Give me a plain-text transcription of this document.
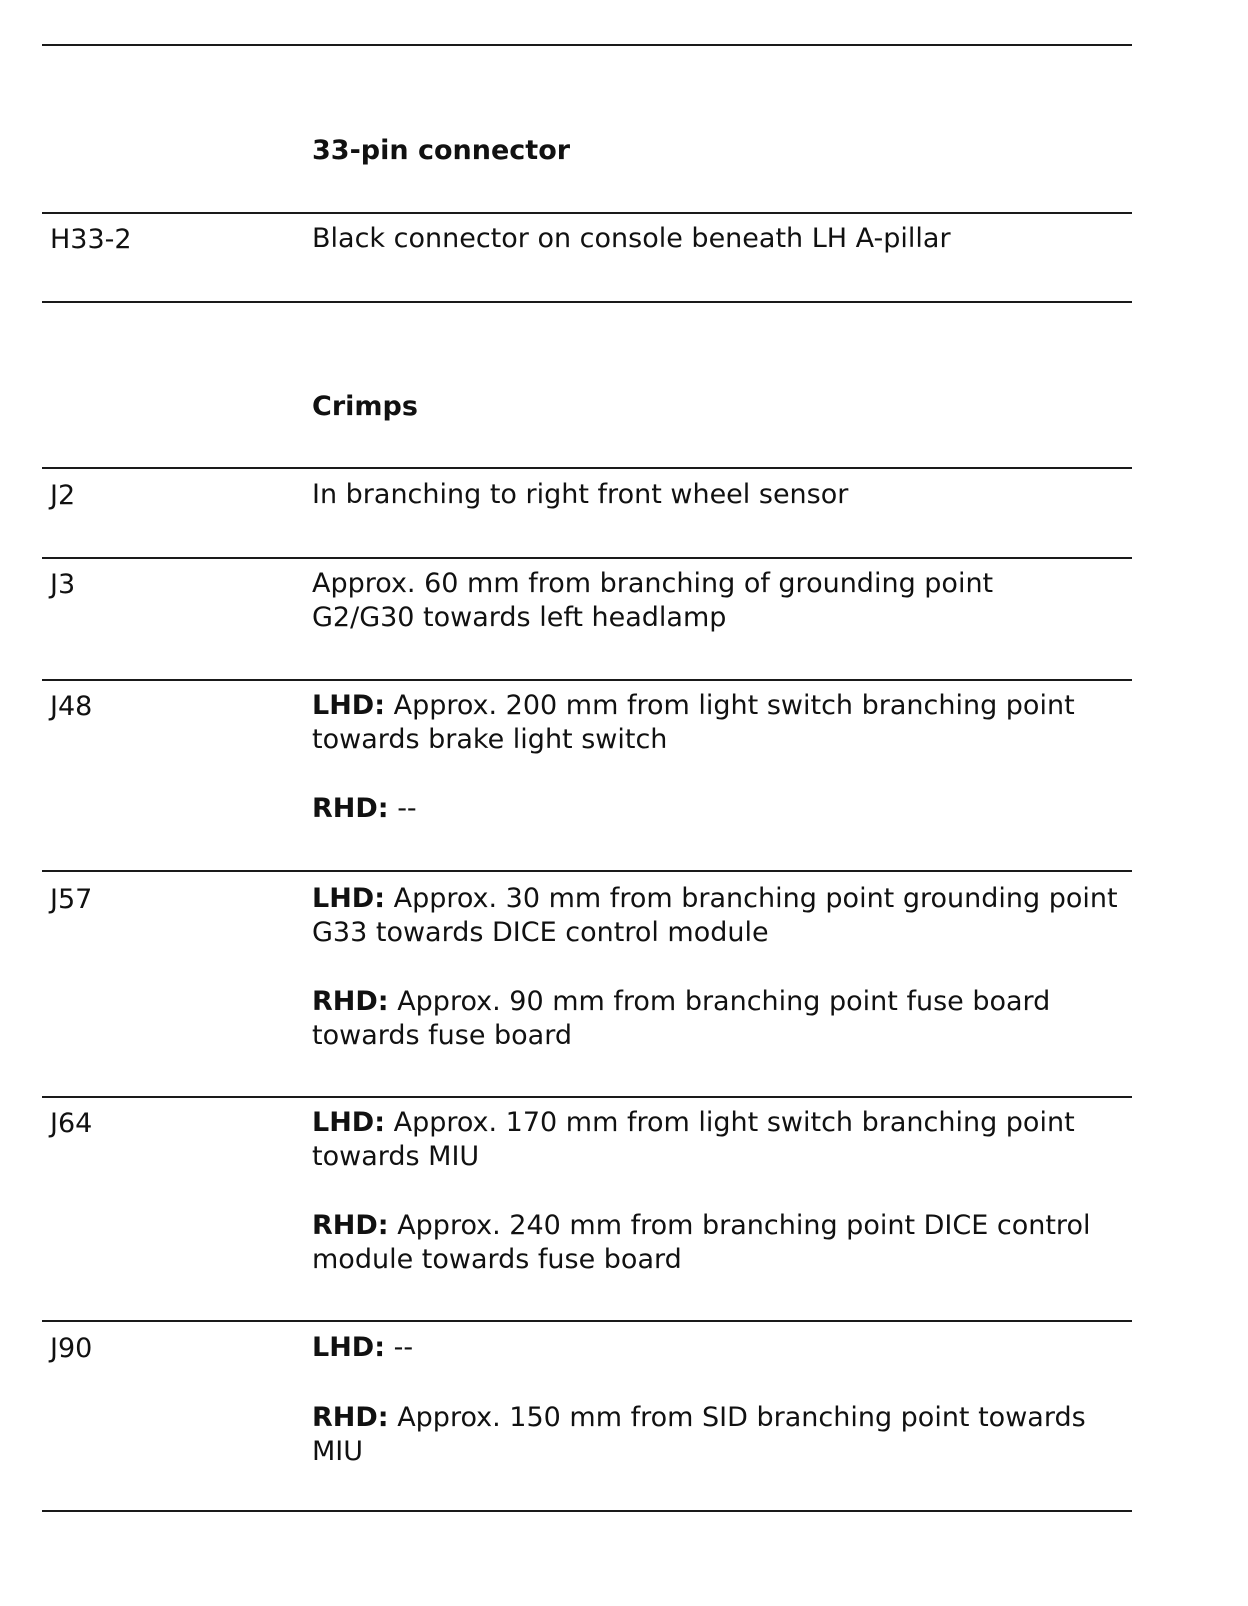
33-pin connector
H33-2	Black connector on console beneath LH A-pillar
Crimps
J2	In branching to right front wheel sensor
J3	Approx. 60 mm from branching of grounding point G2/G30 towards left headlamp
J48	LHD: Approx. 200 mm from light switch branching point towards brake light switch
RHD: --
J57	LHD: Approx. 30 mm from branching point grounding point G33 towards DICE control module
RHD: Approx. 90 mm from branching point fuse board towards fuse board
J64	LHD: Approx. 170 mm from light switch branching point towards MIU
RHD: Approx. 240 mm from branching point DICE control module towards fuse board
J90	LHD: --
RHD: Approx. 150 mm from SID branching point towards MIU
